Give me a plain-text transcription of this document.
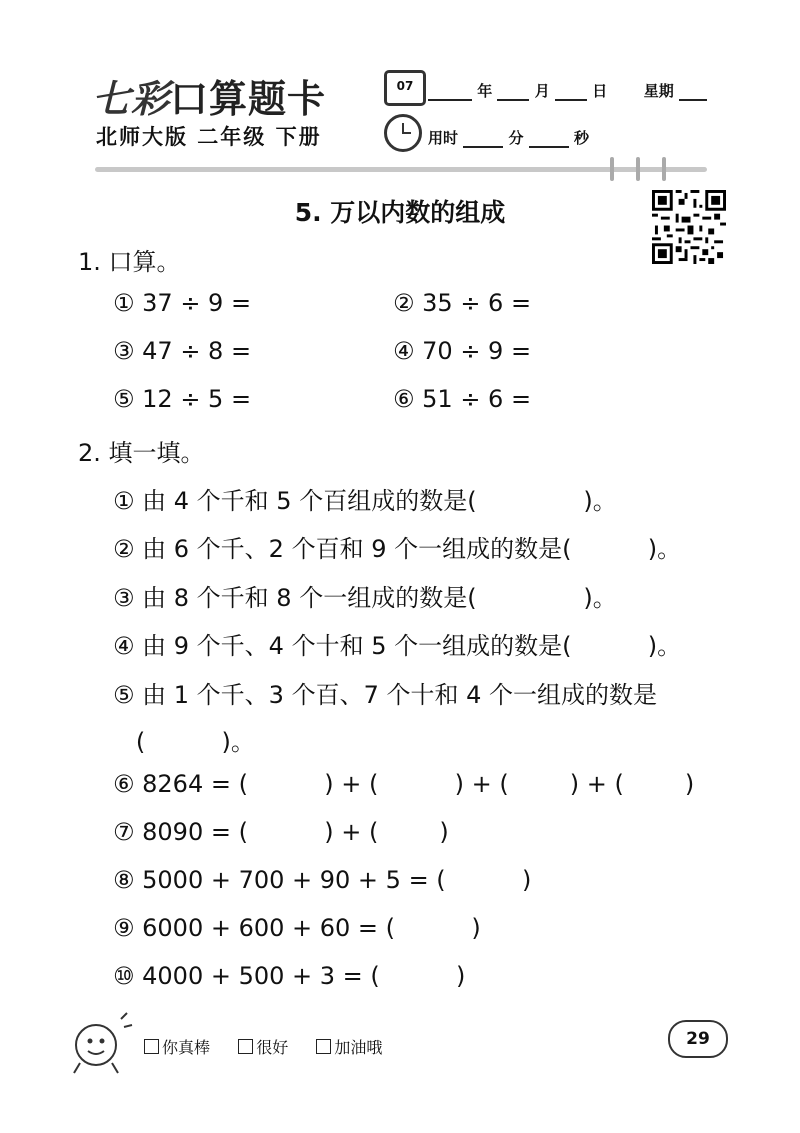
七彩口算题卡
北师大版 二年级 下册
07	年	月	日 星期
用时	分	秒
5. 万以内数的组成
1. 口算。
① 37 ÷ 9 =	② 35 ÷ 6 =
③ 47 ÷ 8 =	④ 70 ÷ 9 =
⑤ 12 ÷ 5 =	⑥ 51 ÷ 6 =
2. 填一填。
① 由 4 个千和 5 个百组成的数是(              )。
② 由 6 个千、2 个百和 9 个一组成的数是(          )。
③ 由 8 个千和 8 个一组成的数是(              )。
④ 由 9 个千、4 个十和 5 个一组成的数是(          )。
⑤ 由 1 个千、3 个百、7 个十和 4 个一组成的数是
(          )。
⑥ 8264 = (          ) + (          ) + (        ) + (        )
⑦ 8090 = (          ) + (        )
⑧ 5000 + 700 + 90 + 5 = (          )
⑨ 6000 + 600 + 60 = (          )
⑩ 4000 + 500 + 3 = (          )
你真棒	很好	加油哦	29
